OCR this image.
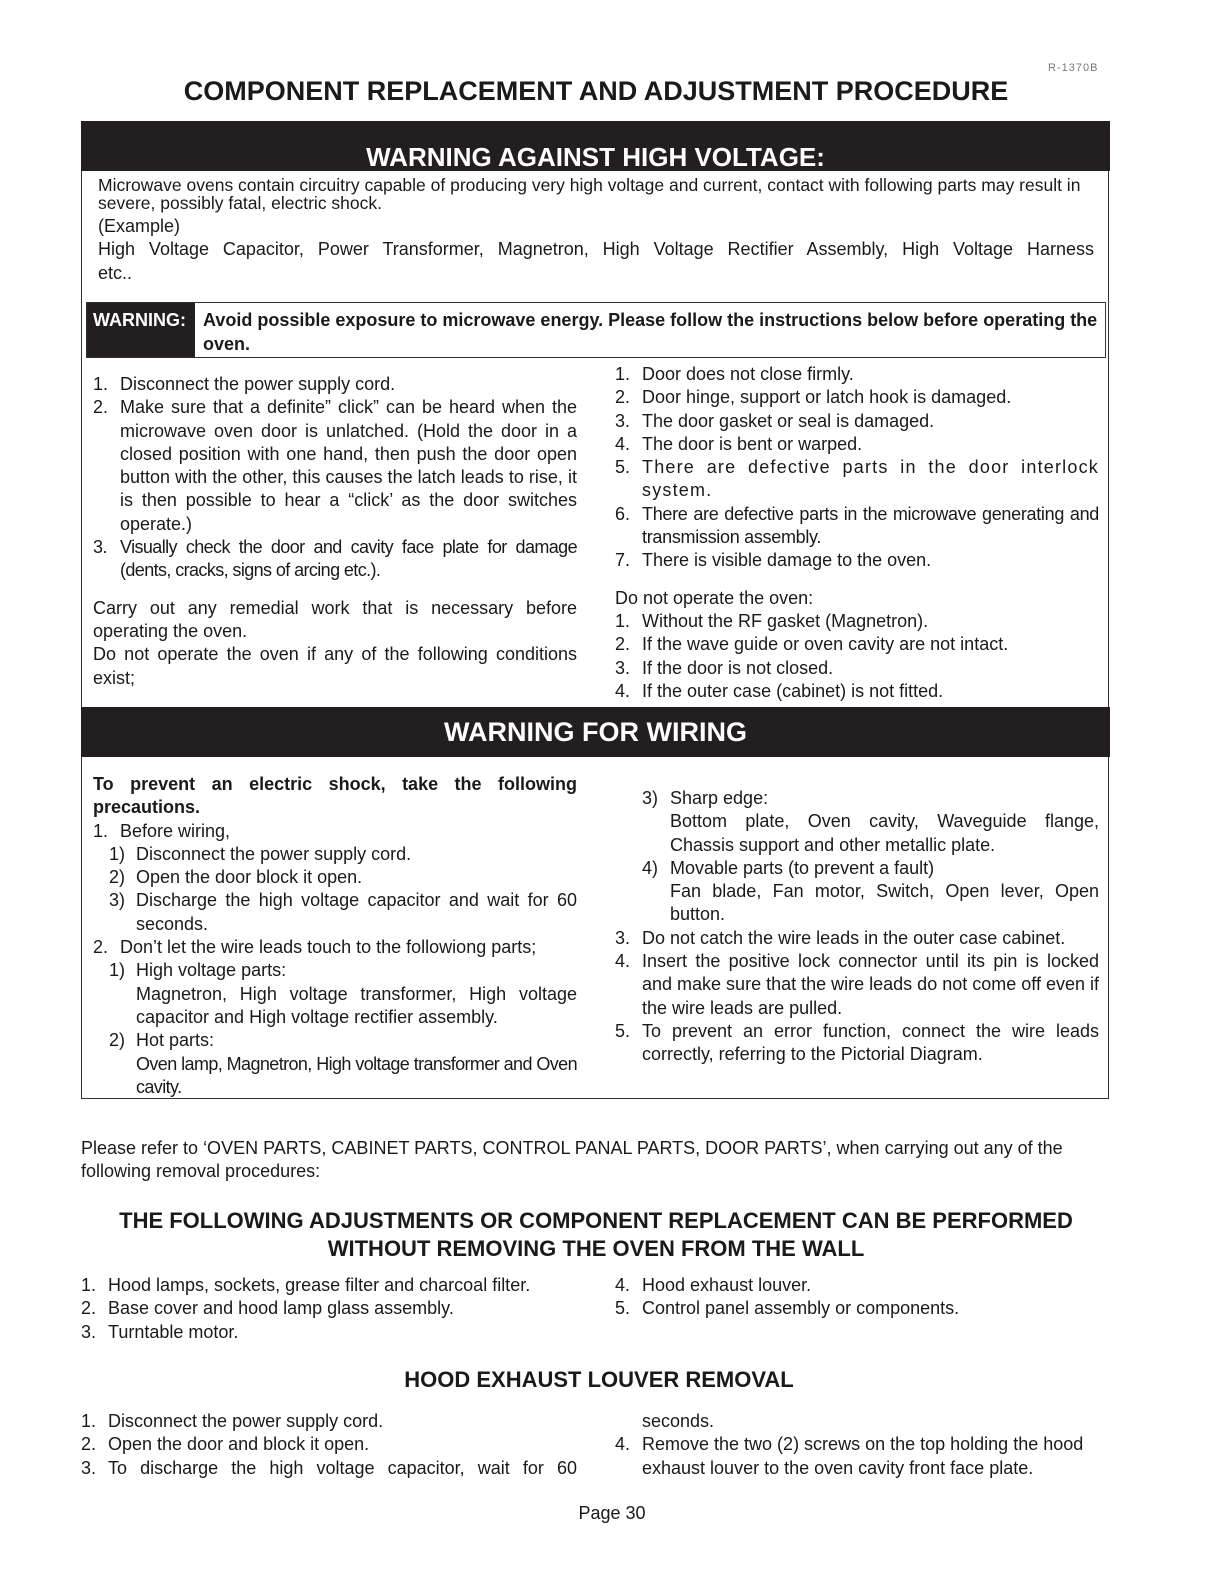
R-1370B
COMPONENT REPLACEMENT AND ADJUSTMENT PROCEDURE
WARNING AGAINST HIGH VOLTAGE:
Microwave ovens contain circuitry capable of producing very high voltage and current, contact with following parts may result in severe, possibly fatal, electric shock.
(Example)
High Voltage Capacitor, Power Transformer, Magnetron, High Voltage Rectifier Assembly, High Voltage Harness
etc..
WARNING: Avoid possible exposure to microwave energy. Please follow the instructions below before operating the oven.
1. Disconnect the power supply cord.
2. Make sure that a definite” click” can be heard when the microwave oven door is unlatched. (Hold the door in a closed position with one hand, then push the door open button with the other, this causes the latch leads to rise, it is then possible to hear a “click’ as the door switches operate.)
3. Visually check the door and cavity face plate for damage (dents, cracks, signs of arcing etc.).
Carry out any remedial work that is necessary before operating the oven.
Do not operate the oven if any of the following conditions exist;
1. Door does not close firmly.
2. Door hinge, support or latch hook is damaged.
3. The door gasket or seal is damaged.
4. The door is bent or warped.
5. There are defective parts in the door interlock system.
6. There are defective parts in the microwave generating and transmission assembly.
7. There is visible damage to the oven.
Do not operate the oven:
1. Without the RF gasket (Magnetron).
2. If the wave guide or oven cavity are not intact.
3. If the door is not closed.
4. If the outer case (cabinet) is not fitted.
WARNING FOR WIRING
To prevent an electric shock, take the following precautions.
1. Before wiring,
1) Disconnect the power supply cord.
2) Open the door block it open.
3) Discharge the high voltage capacitor and wait for 60 seconds.
2. Don’t let the wire leads touch to the followiong parts;
1) High voltage parts:
Magnetron, High voltage transformer, High voltage capacitor and High voltage rectifier assembly.
2) Hot parts:
Oven lamp, Magnetron, High voltage transformer and Oven cavity.
3) Sharp edge:
Bottom plate, Oven cavity, Waveguide flange, Chassis support and other metallic plate.
4) Movable parts (to prevent a fault)
Fan blade, Fan motor, Switch, Open lever, Open button.
3. Do not catch the wire leads in the outer case cabinet.
4. Insert the positive lock connector until its pin is locked and make sure that the wire leads do not come off even if the wire leads are pulled.
5. To prevent an error function, connect the wire leads correctly, referring to the Pictorial Diagram.
Please refer to ‘OVEN PARTS, CABINET PARTS, CONTROL PANAL PARTS, DOOR PARTS’, when carrying out any of the following removal procedures:
THE FOLLOWING ADJUSTMENTS OR COMPONENT REPLACEMENT CAN BE PERFORMED
WITHOUT REMOVING THE OVEN FROM THE WALL
1. Hood lamps, sockets, grease filter and charcoal filter.
2. Base cover and hood lamp glass assembly.
3. Turntable motor.
4. Hood exhaust louver.
5. Control panel assembly or components.
HOOD EXHAUST LOUVER REMOVAL
1. Disconnect the power supply cord.
2. Open the door and block it open.
3. To discharge the high voltage capacitor, wait for 60
seconds.
4. Remove the two (2) screws on the top holding the hood exhaust louver to the oven cavity front face plate.
Page 30
